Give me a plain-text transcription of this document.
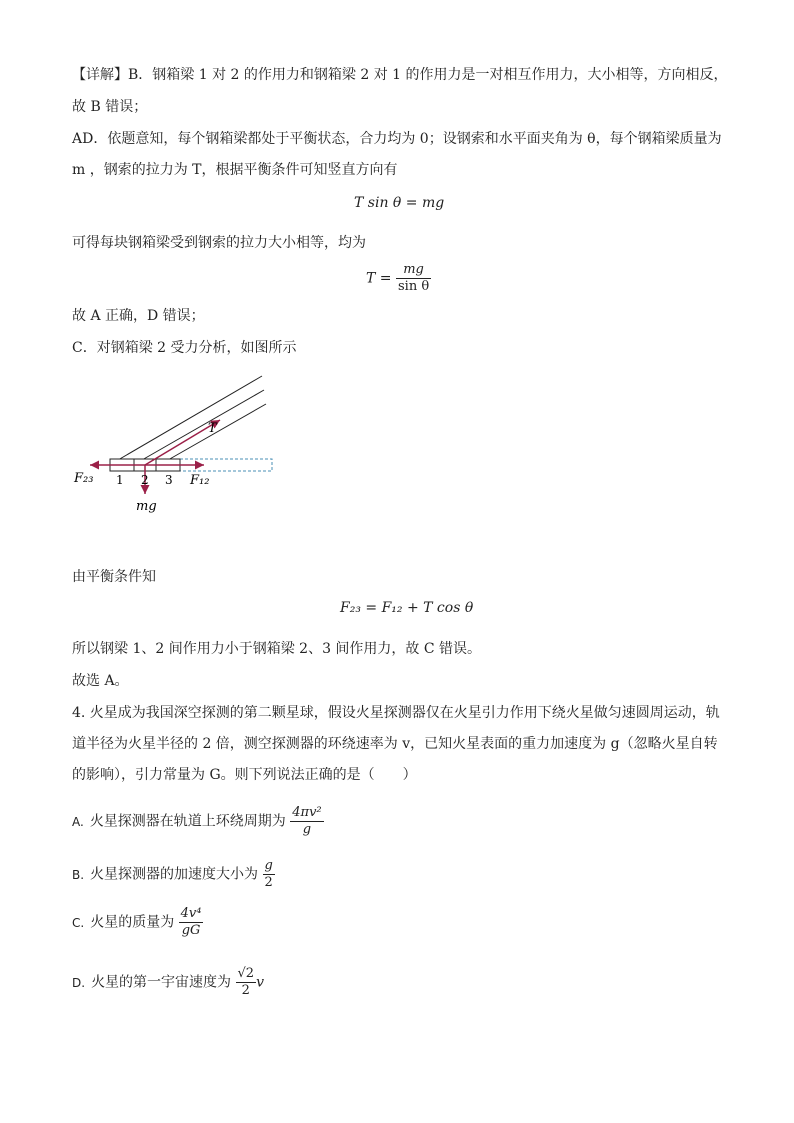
【详解】B．钢箱梁 1 对 2 的作用力和钢箱梁 2 对 1 的作用力是一对相互作用力，大小相等，方向相反，
故 B 错误；
AD．依题意知，每个钢箱梁都处于平衡状态，合力均为 0；设钢索和水平面夹角为 θ，每个钢箱梁质量为
m ，钢索的拉力为 T，根据平衡条件可知竖直方向有
T sin θ = mg
可得每块钢箱梁受到钢索的拉力大小相等，均为
$T = \frac{mg}{\text{sin θ}}$
故 A 正确，D 错误；
C．对钢箱梁 2 受力分析，如图所示
T
F₂₃ 1 2 3 F₁₂
mg
由平衡条件知
F₂₃ = F₁₂ + T cos θ
所以钢梁 1、2 间作用力小于钢箱梁 2、3 间作用力，故 C 错误。
故选 A。
4. 火星成为我国深空探测的第二颗星球，假设火星探测器仅在火星引力作用下绕火星做匀速圆周运动，轨
道半径为火星半径的 2 倍，测空探测器的环绕速率为 v，已知火星表面的重力加速度为 g（忽略火星自转
的影响），引力常量为 G。则下列说法正确的是（　　）
A. 火星探测器在轨道上环绕周期为 $\frac{\text{4πv²}}{g}$
B. 火星探测器的加速度大小为 $\frac{g}{2}$
C. 火星的质量为 $\frac{\text{4v⁴}}{gG}$
D. 火星的第一宇宙速度为 $\frac{√2}{2}$ v
